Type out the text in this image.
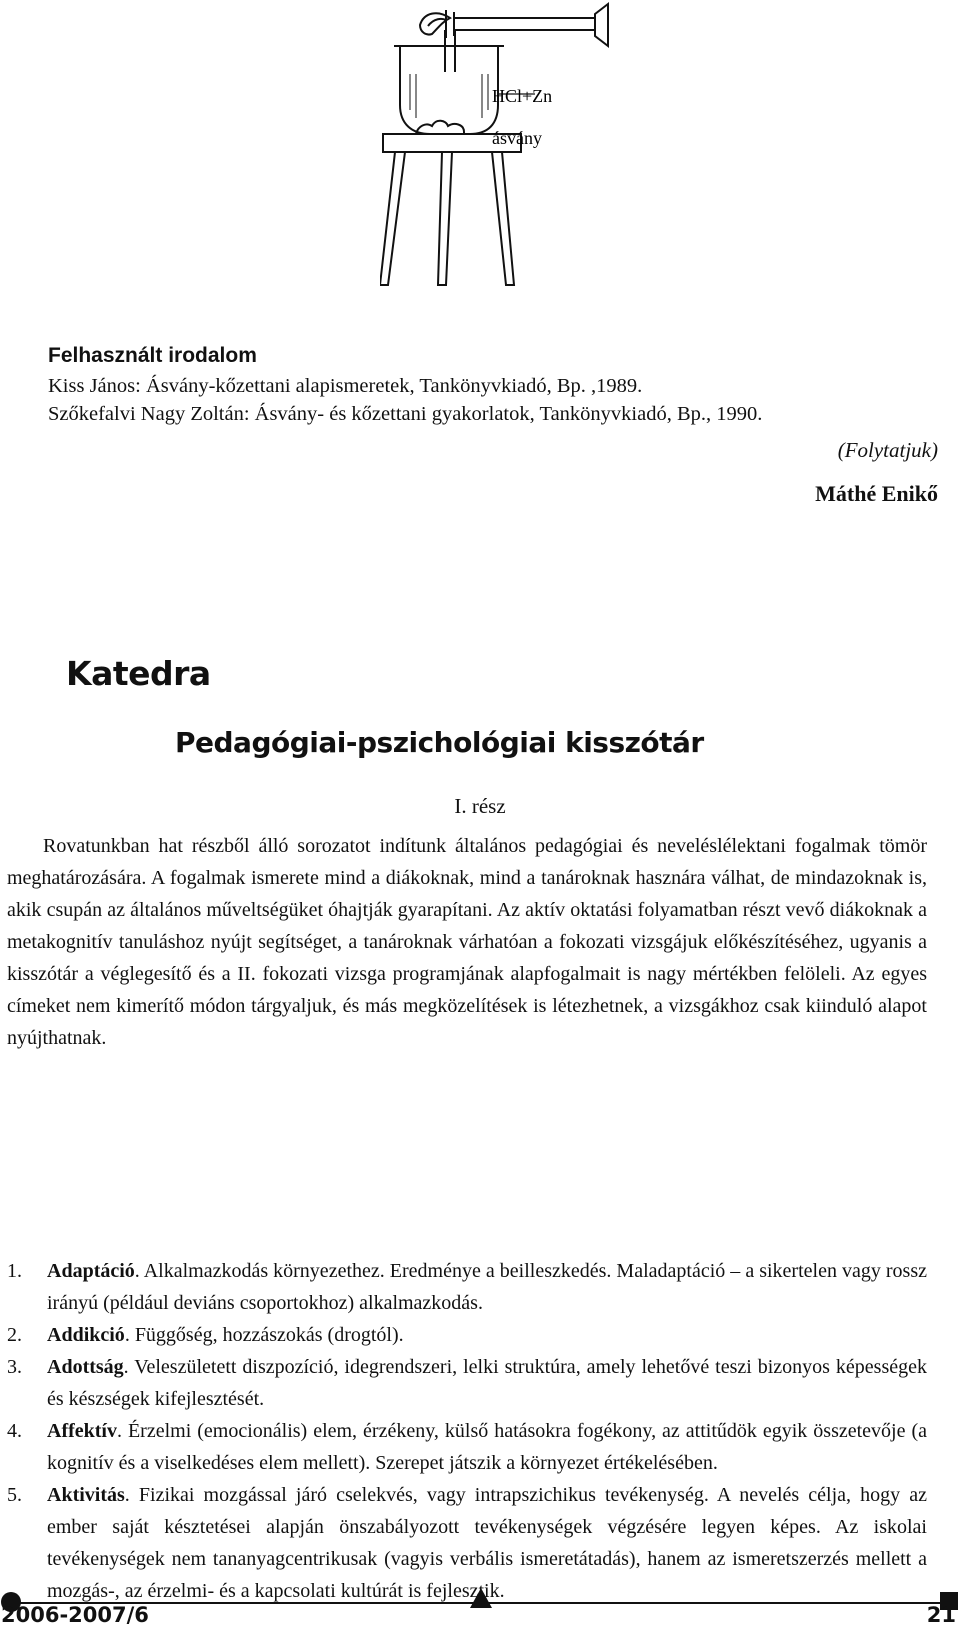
HCl+Zn
ásvány
Felhasznált irodalom
Kiss János: Ásvány-kőzettani alapismeretek, Tankönyvkiadó, Bp. ,1989.
Szőkefalvi Nagy Zoltán: Ásvány- és kőzettani gyakorlatok, Tankönyvkiadó, Bp., 1990.
(Folytatjuk)
Máthé Enikő
Katedra
Pedagógiai-pszichológiai kisszótár
I. rész

Rovatunkban hat részből álló sorozatot indítunk általános pedagógiai és neveléslélektani fogalmak tömör meghatározására. A fogalmak ismerete mind a diákoknak, mind a tanároknak hasznára válhat, de mindazoknak is, akik csupán az általános műveltségüket óhajtják gyarapítani. Az aktív oktatási folyamatban részt vevő diákoknak a metakognitív tanuláshoz nyújt segítséget, a tanároknak várhatóan a fokozati vizsgájuk előkészítéséhez, ugyanis a kisszótár a véglegesítő és a II. fokozati vizsga programjának alapfogalmait is nagy mértékben felöleli. Az egyes címeket nem kimerítő módon tárgyaljuk, és más megközelítések is létezhetnek, a vizsgákhoz csak kiinduló alapot nyújthatnak.

1. Adaptáció. Alkalmazkodás környezethez. Eredménye a beilleszkedés. Maladaptáció – a sikertelen vagy rossz irányú (például deviáns csoportokhoz) alkalmazkodás.
2. Addikció. Függőség, hozzászokás (drogtól).
3. Adottság. Veleszületett diszpozíció, idegrendszeri, lelki struktúra, amely lehetővé teszi bizonyos képességek és készségek kifejlesztését.
4. Affektív. Érzelmi (emocionális) elem, érzékeny, külső hatásokra fogékony, az attitűdök egyik összetevője (a kognitív és a viselkedéses elem mellett). Szerepet játszik a környezet értékelésében.
5. Aktivitás. Fizikai mozgással járó cselekvés, vagy intrapszichikus tevékenység. A nevelés célja, hogy az ember saját késztetései alapján önszabályozott tevékenységek végzésére legyen képes. Az iskolai tevékenységek nem tananyagcentrikusak (vagyis verbális ismeretátadás), hanem az ismeretszerzés mellett a mozgás-, az érzelmi- és a kapcsolati kultúrát is fejlesztik.
2006-2007/6	21
